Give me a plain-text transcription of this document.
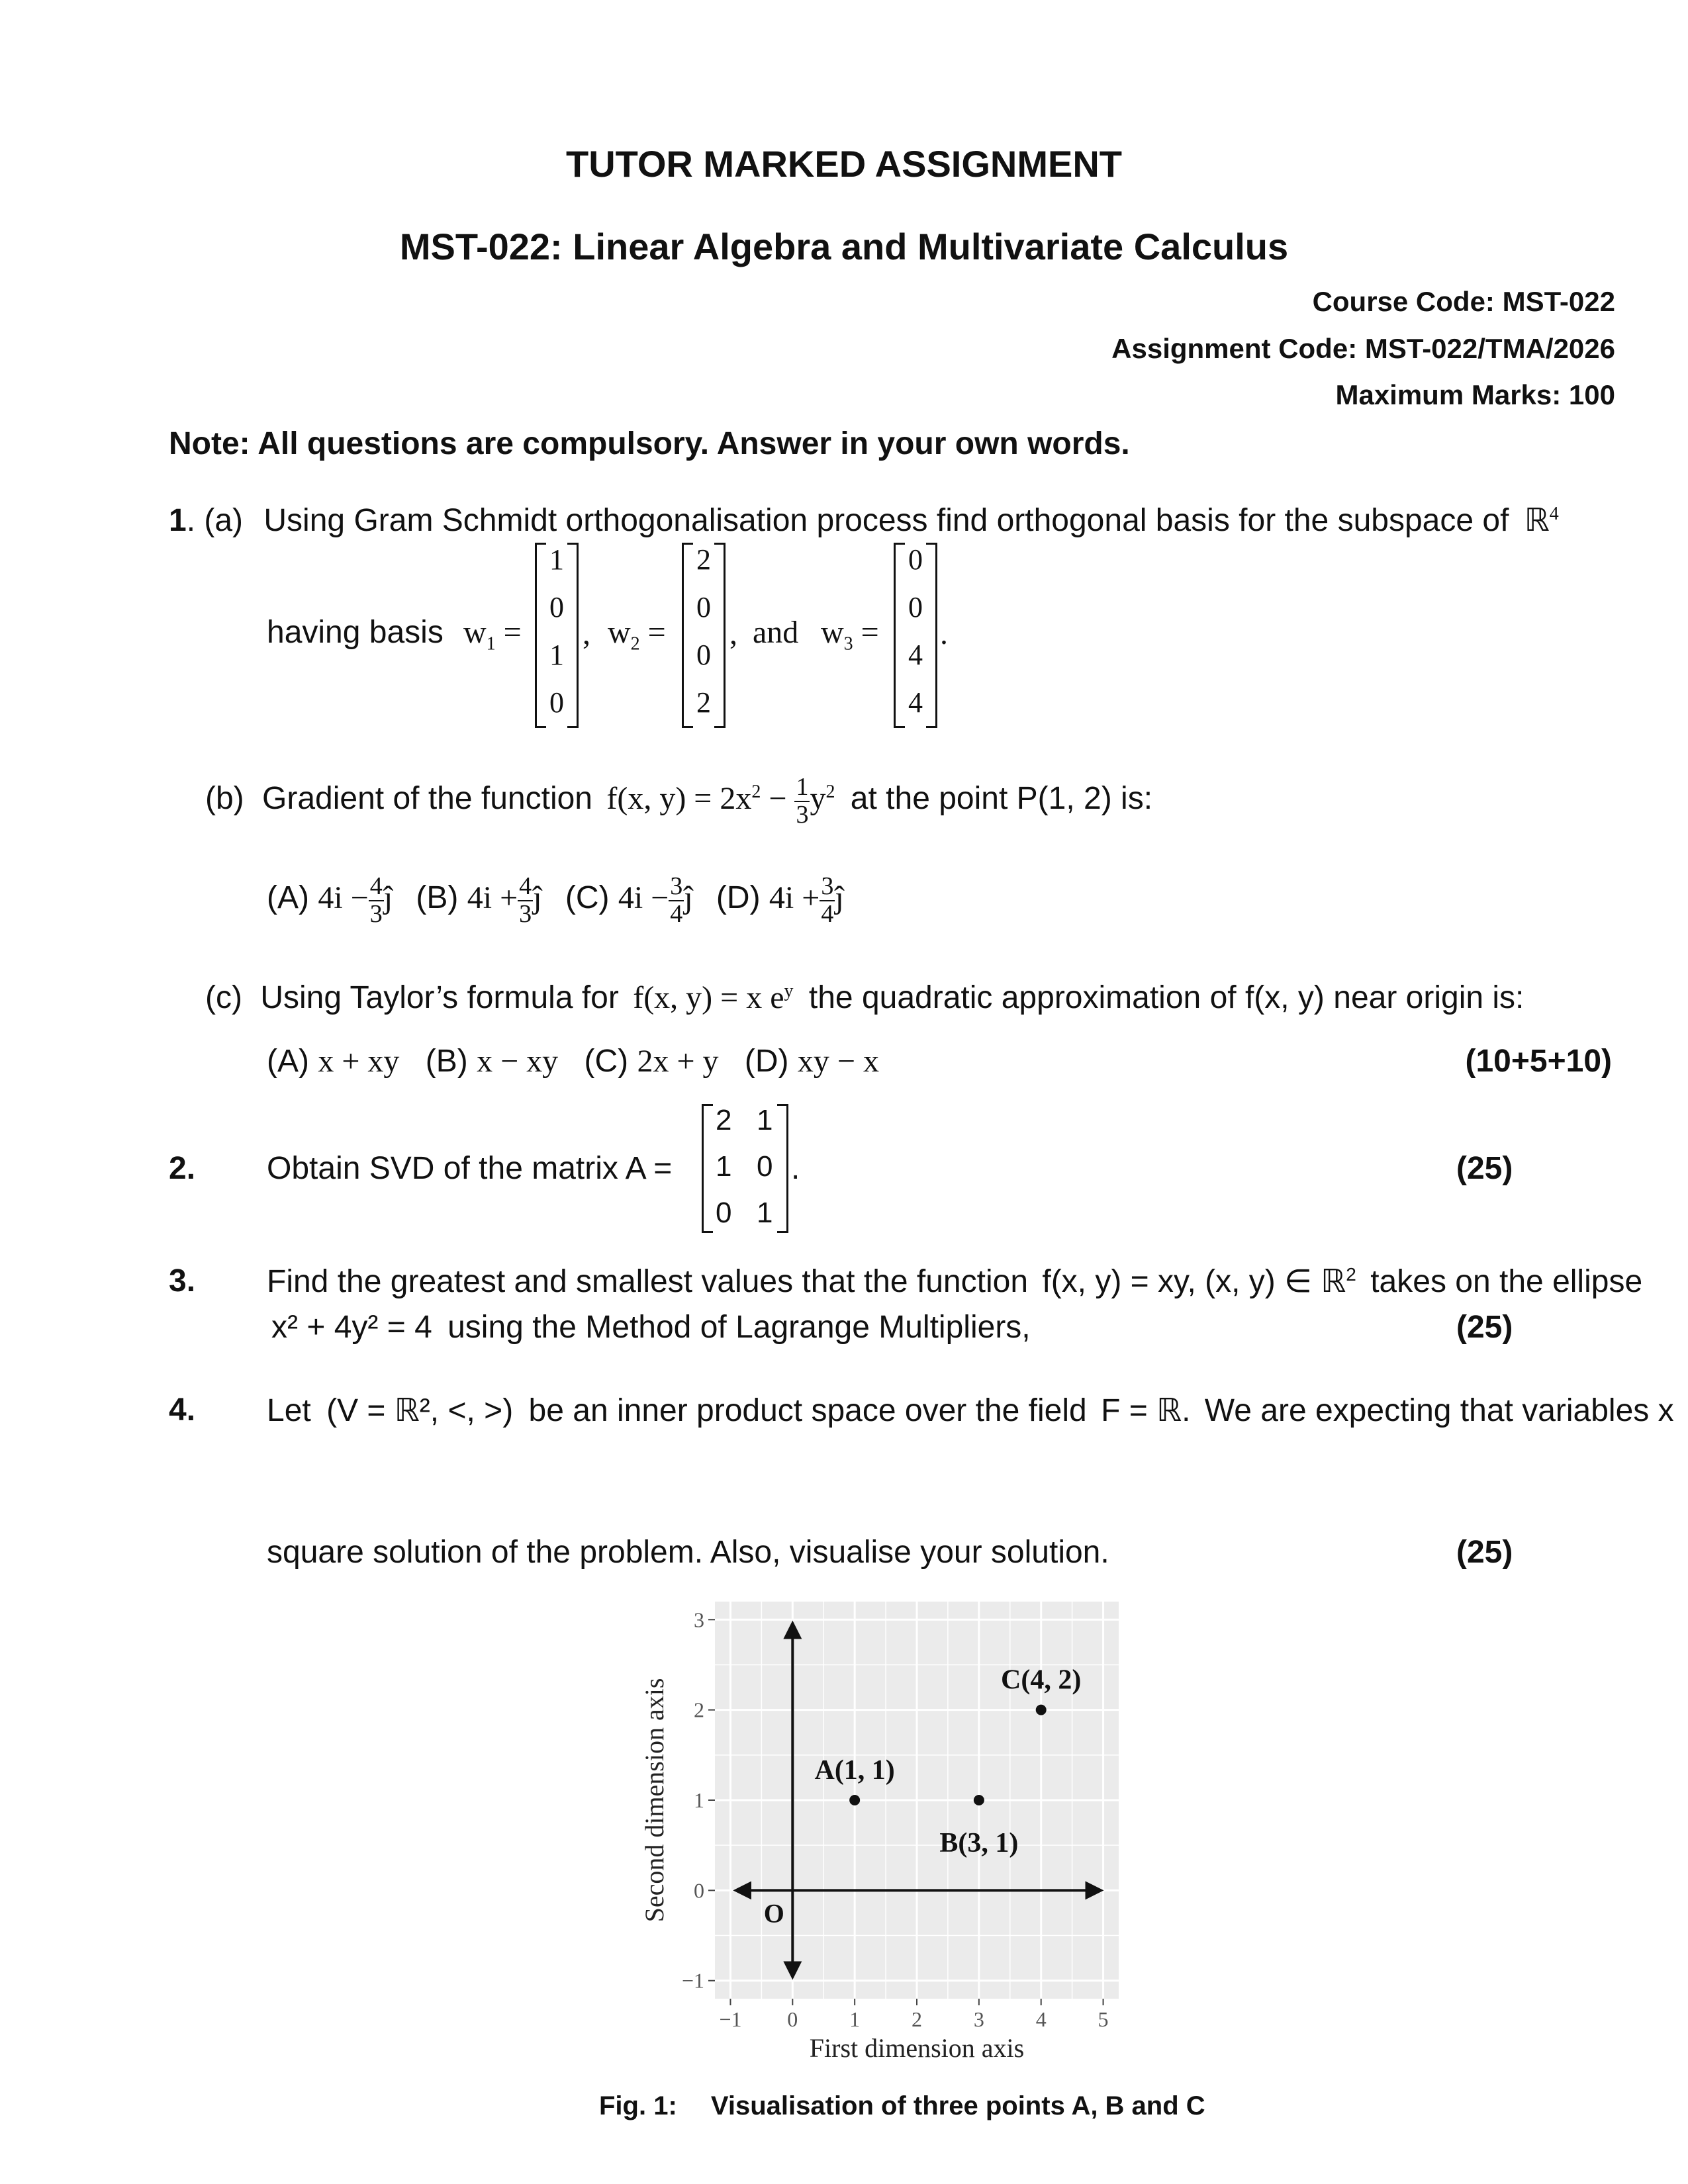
TUTOR MARKED ASSIGNMENT
MST-022: Linear Algebra and Multivariate Calculus
Course Code: MST-022
Assignment Code: MST-022/TMA/2026
Maximum Marks: 100
Note: All questions are compulsory. Answer in your own words.
1. (a) Using Gram Schmidt orthogonalisation process find orthogonal basis for the subspace of ℝ$^4$
having basis $w_1$ =
1
0
1
0
, $w_2$ =
2
0
0
2
, and $w_3$ =
0
0
4
4
.
(b) Gradient of the function f(x, $y) = 2x^2 - \frac{1}{3} y^2$ at the point P(1, 2) is:
(A) $4i - \frac{4}{3}$ ĵ (B) $4i + \frac{4}{3}$ ĵ (C) $4i - \frac{3}{4}$ ĵ (D) $4i + \frac{3}{4}$ ĵ
(c) Using Taylor’s formula for f(x, y) = x $e^y$ the quadratic approximation of f(x, y) near origin is:
(A) x + xy (B) x − xy (C) 2x + y (D) xy − x	(10+5+10)
2. Obtain SVD of the matrix A =
2 1
1 0
0 1
.	(25)
3. Find the greatest and smallest values that the function f(x, y) = xy, (x, y) ∈ ℝ$^2$ takes on the ellipse
x² + 4y² = 4 using the Method of Lagrange Multipliers,	(25)
4. Let (V = ℝ², <, >) be an inner product space over the field F = ℝ. We are expecting that variables x
square solution of the problem. Also, visualise your solution.	(25)
−1 0 1 2 3 4 5
3
2
1
0
−1
A(1, 1)
B(3, 1)
C(4, 2)
First dimension axis
Second dimension axis	O
Fig. 1: Visualisation of three points A, B and C
